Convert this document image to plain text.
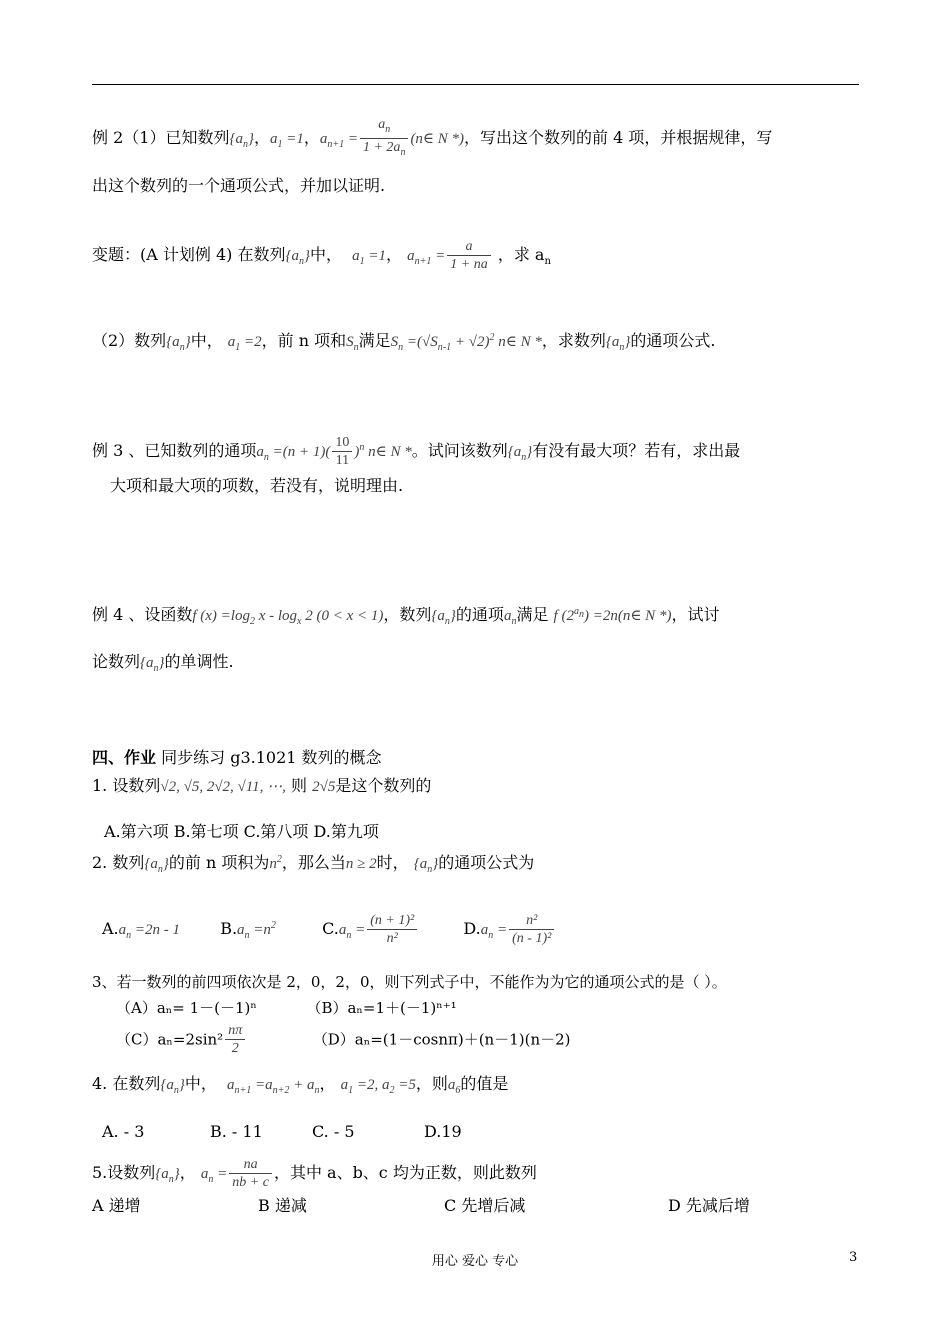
例 2（1）已知数列$\{a_n\}$，$a_1 =1$，$a_{n+1} = \frac{a_n}{1 + 2a_n}$ (n∈ N *)，写出这个数列的前 4 项，并根据规律，写
出这个数列的一个通项公式，并加以证明.
变题：(A 计划例 4) 在数列$\{a_n\}$中， $a_1 =1$， $a_{n+1} = \frac{a}{1 + na}$ ，求 $a_n$
（2）数列$\{a_n\}$中， $a_1 =2$，前 n 项和$S_n$满足$S_n =(√S_{n-1} + √2)^2$ n∈ N *，求数列$\{a_n\}$的通项公式.
例 3 、已知数列的通项$a_n =(n + 1)( \frac{10}{11} )^n$ n∈ N *。试问该数列$\{a_n\}$有没有最大项？若有，求出最
大项和最大项的项数，若没有，说明理由.
例 4 、设函数f $(x) =\log_2$ x - $\log_x 2$ (0 < x < 1)，数列$\{a_n\}$的通项$a_n$满足 f $(2^{a_n})$ =2n(n∈ N *)，试讨
论数列$\{a_n\}$的单调性.
四、作业 同步练习 g3.1021 数列的概念
1. 设数列√2, √5, 2√2, √11, ⋯, 则 2√5是这个数列的
A.第六项 B.第七项 C.第八项 D.第九项
2. 数列$\{a_n\}$的前 n 项积为$n^2$，那么当n ≥ 2时， $\{a_n\}$的通项公式为
$A.a_n =2n - 1$	$B.a_n =n^2$	$C.a_n = \frac{\text{(n + 1)²}}{\text{n²}}$	$D.a_n = \frac{\text{n²}}{\text{(n - 1)²}}$
3、若一数列的前四项依次是 2，0，2，0，则下列式子中，不能作为为它的通项公式的是（ ）。
（A）aₙ= 1－(－1)ⁿ	（B）aₙ=1＋(－1)ⁿ⁺¹
$(C)a_n=2\sin^2 \frac{n\pi}{2}$	（D）aₙ=(1－cosnπ)＋(n－1)(n－2)
4. 在数列$\{a_n\}$中， $a_{n+1} =a_{n+2} + a_n$， $a_1 =2$, $a_2 =5$，则$a_6$的值是
A. - 3	B. - 11	C. - 5	D.19
5.设数列$\{a_n\}$， $a_n = \frac{na}{nb + c}$ ，其中 a、b、c 均为正数，则此数列
A 递增	B 递减	C 先增后减	D 先减后增
用心 爱心 专心	3
